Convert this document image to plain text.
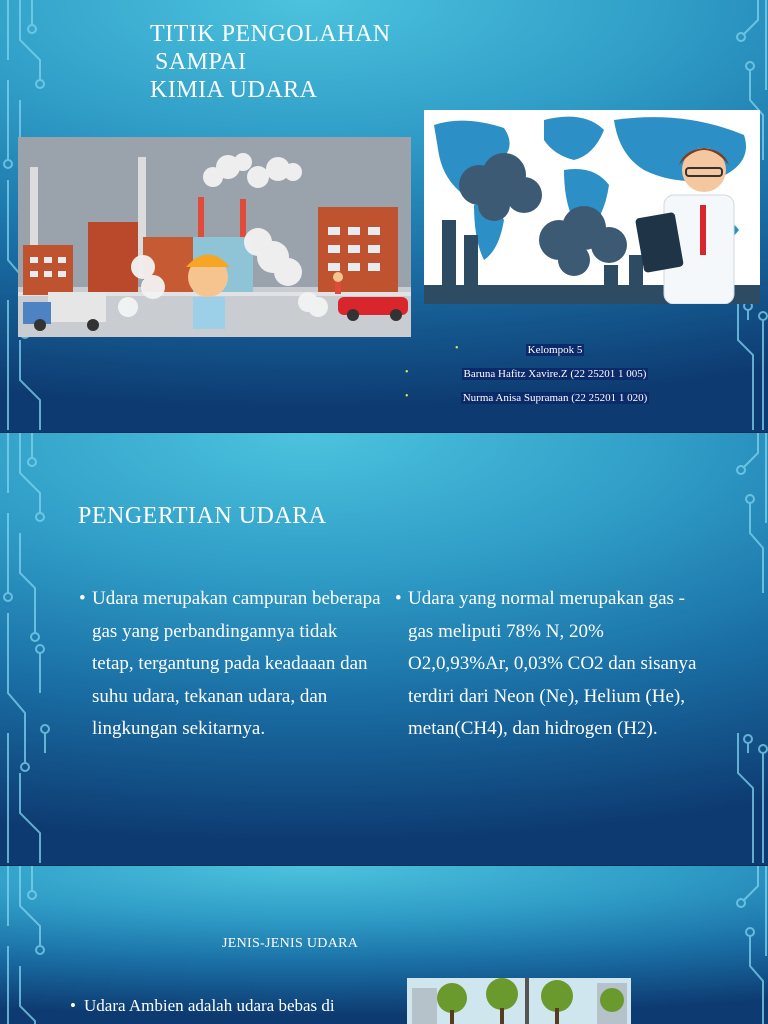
TITIK PENGOLAHAN
SAMPAI
KIMIA UDARA
•	Kelompok 5
•	Baruna Hafitz Xavire.Z (22 25201 1 005)
•	Nurma Anisa Supraman (22 25201 1 020)
PENGERTIAN UDARA

• Udara merupakan campuran beberapa gas yang perbandingannya tidak tetap, tergantung pada keadaaan dan suhu udara, tekanan udara, dan lingkungan sekitarnya.

• Udara yang normal merupakan gas - gas meliputi 78% N, 20% O2,0,93%Ar, 0,03% CO2 dan sisanya terdiri dari Neon (Ne), Helium (He), metan(CH4), dan hidrogen (H2).

JENIS-JENIS UDARA

• Udara Ambien adalah udara bebas di
